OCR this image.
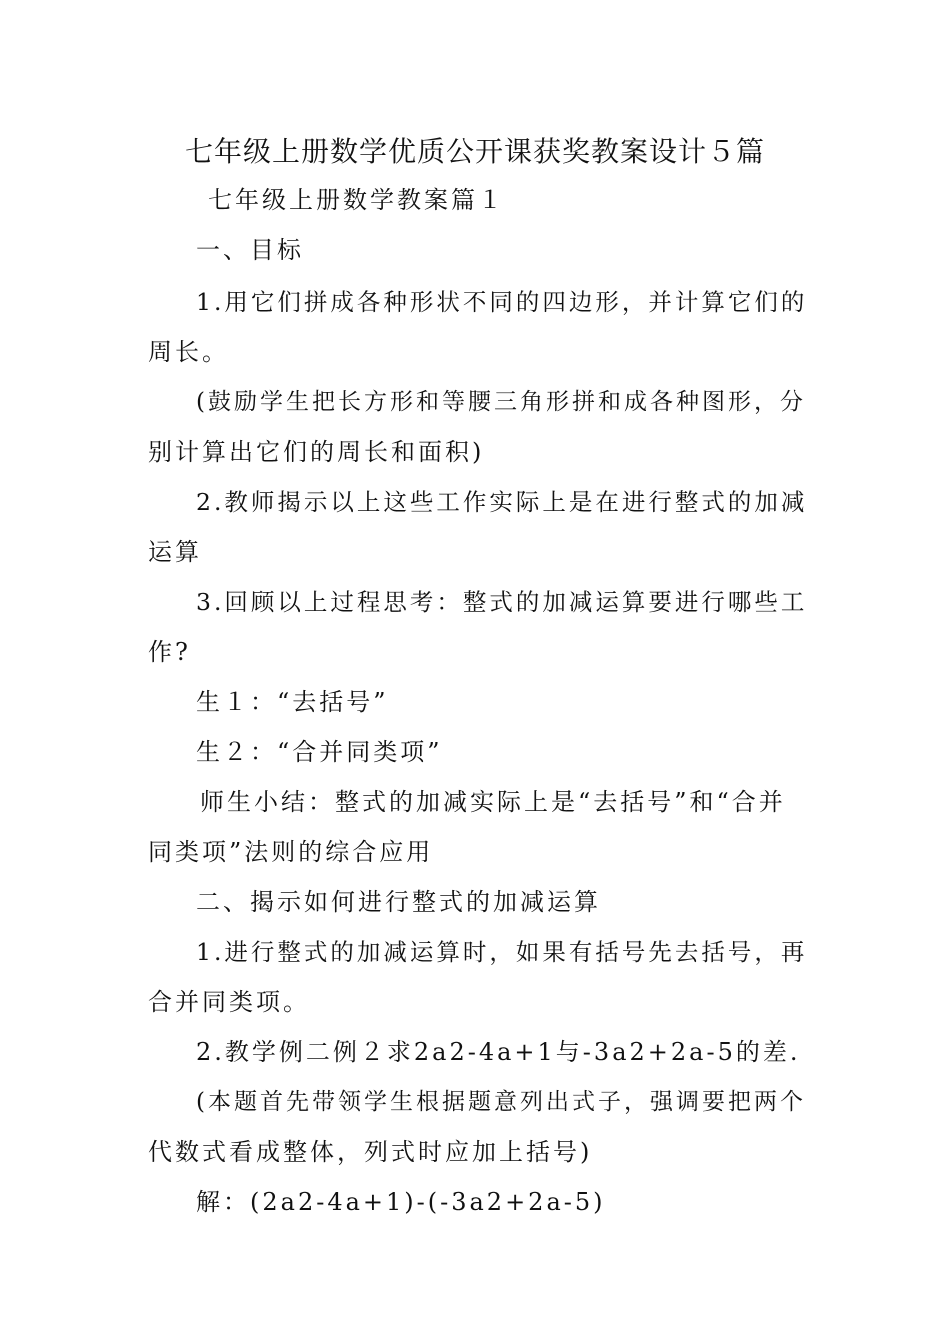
七年级上册数学优质公开课获奖教案设计５篇
七年级上册数学教案篇１
一、目标
1.用它们拼成各种形状不同的四边形，并计算它们的
周长。
(鼓励学生把长方形和等腰三角形拼和成各种图形，分
别计算出它们的周长和面积)
2.教师揭示以上这些工作实际上是在进行整式的加减
运算
3.回顾以上过程思考：整式的加减运算要进行哪些工
作?
生１：“去括号”
生２：“合并同类项”
师生小结：整式的加减实际上是“去括号”和“合并
同类项”法则的综合应用
二、揭示如何进行整式的加减运算
1.进行整式的加减运算时，如果有括号先去括号，再
合并同类项。
2.教学例二例２求2a2-4a+1与-3a2+2a-5的差.
(本题首先带领学生根据题意列出式子，强调要把两个
代数式看成整体，列式时应加上括号)
解：(2a2-4a+1)-(-3a2+2a-5)
